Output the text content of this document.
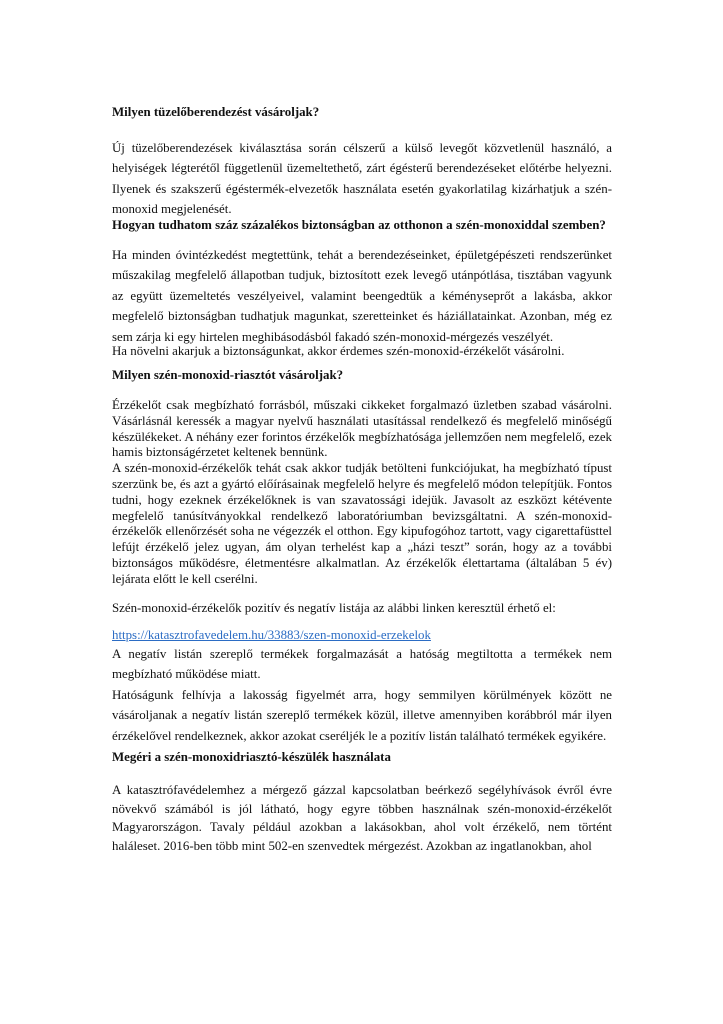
Milyen tüzelőberendezést vásároljak?

Új tüzelőberendezések kiválasztása során célszerű a külső levegőt közvetlenül használó, a helyiségek légterétől függetlenül üzemeltethető, zárt égésterű berendezéseket előtérbe helyezni. Ilyenek és szakszerű égéstermék-elvezetők használata esetén gyakorlatilag kizárhatjuk a szén-monoxid megjelenését.

Hogyan tudhatom száz százalékos biztonságban az otthonon a szén-monoxiddal szemben?

Ha minden óvintézkedést megtettünk, tehát a berendezéseinket, épületgépészeti rendszerünket műszakilag megfelelő állapotban tudjuk, biztosított ezek levegő utánpótlása, tisztában vagyunk az együtt üzemeltetés veszélyeivel, valamint beengedtük a kéményseprőt a lakásba, akkor megfelelő biztonságban tudhatjuk magunkat, szeretteinket és háziállatainkat. Azonban, még ez sem zárja ki egy hirtelen meghibásodásból fakadó szén-monoxid-mérgezés veszélyét.

Ha növelni akarjuk a biztonságunkat, akkor érdemes szén-monoxid-érzékelőt vásárolni.

Milyen szén-monoxid-riasztót vásároljak?

Érzékelőt csak megbízható forrásból, műszaki cikkeket forgalmazó üzletben szabad vásárolni. Vásárlásnál keressék a magyar nyelvű használati utasítással rendelkező és megfelelő minőségű készülékeket. A néhány ezer forintos érzékelők megbízhatósága jellemzően nem megfelelő, ezek hamis biztonságérzetet keltenek bennünk.

A szén-monoxid-érzékelők tehát csak akkor tudják betölteni funkciójukat, ha megbízható típust szerzünk be, és azt a gyártó előírásainak megfelelő helyre és megfelelő módon telepítjük. Fontos tudni, hogy ezeknek érzékelőknek is van szavatossági idejük. Javasolt az eszközt kétévente megfelelő tanúsítványokkal rendelkező laboratóriumban bevizsgáltatni. A szén-monoxid-érzékelők ellenőrzését soha ne végezzék el otthon. Egy kipufogóhoz tartott, vagy cigarettafüsttel lefújt érzékelő jelez ugyan, ám olyan terhelést kap a „házi teszt” során, hogy az a további biztonságos működésre, életmentésre alkalmatlan. Az érzékelők élettartama (általában 5 év) lejárata előtt le kell cserélni.

Szén-monoxid-érzékelők pozitív és negatív listája az alábbi linken keresztül érhető el:

https://katasztrofavedelem.hu/33883/szen-monoxid-erzekelok

A negatív listán szereplő termékek forgalmazását a hatóság megtiltotta a termékek nem megbízható működése miatt.

Hatóságunk felhívja a lakosság figyelmét arra, hogy semmilyen körülmények között ne vásároljanak a negatív listán szereplő termékek közül, illetve amennyiben korábbról már ilyen érzékelővel rendelkeznek, akkor azokat cseréljék le a pozitív listán található termékek egyikére.

Megéri a szén-monoxidriasztó-készülék használata

A katasztrófavédelemhez a mérgező gázzal kapcsolatban beérkező segélyhívások évről évre növekvő számából is jól látható, hogy egyre többen használnak szén-monoxid-érzékelőt Magyarországon. Tavaly például azokban a lakásokban, ahol volt érzékelő, nem történt haláleset. 2016-ben több mint 502-en szenvedtek mérgezést. Azokban az ingatlanokban, ahol
